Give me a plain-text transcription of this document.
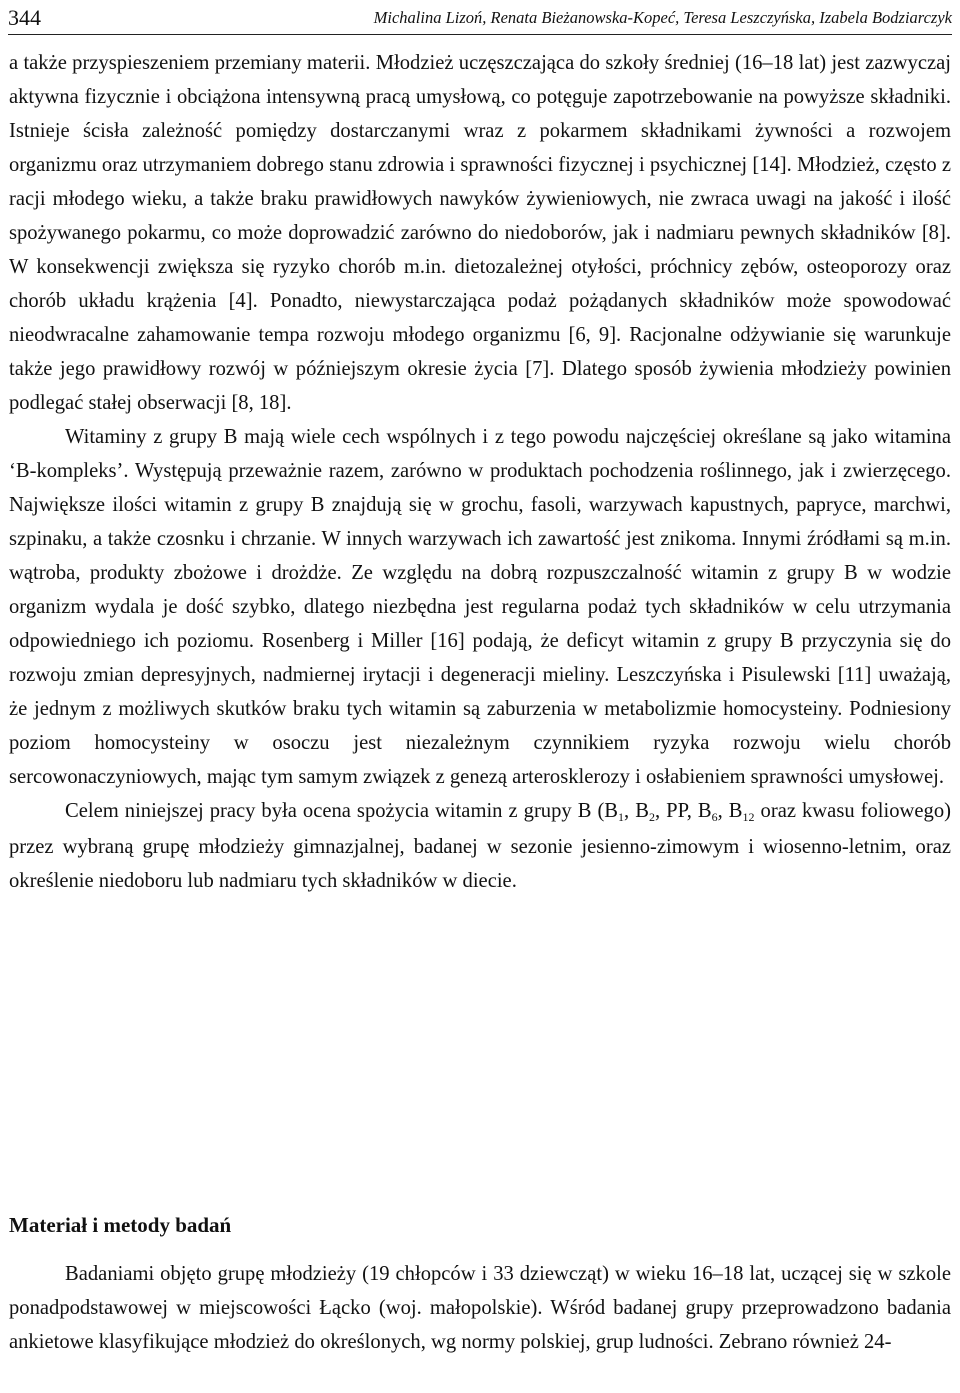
344	Michalina Lizoń, Renata Bieżanowska-Kopeć, Teresa Leszczyńska, Izabela Bodziarczyk

a także przyspieszeniem przemiany materii. Młodzież uczęszczająca do szkoły średniej (16–18 lat) jest zazwyczaj aktywna fizycznie i obciążona intensywną pracą umysłową, co potęguje zapotrzebowanie na powyższe składniki. Istnieje ścisła zależność pomiędzy dostarczanymi wraz z pokarmem składnikami żywności a rozwojem organizmu oraz utrzymaniem dobrego stanu zdrowia i sprawności fizycznej i psychicznej [14]. Młodzież, często z racji młodego wieku, a także braku prawidłowych nawyków żywieniowych, nie zwraca uwagi na jakość i ilość spożywanego pokarmu, co może doprowadzić zarówno do niedoborów, jak i nadmiaru pewnych składników [8]. W konsekwencji zwiększa się ryzyko chorób m.in. dietozależnej otyłości, próchnicy zębów, osteoporozy oraz chorób układu krążenia [4]. Ponadto, niewystarczająca podaż pożądanych składników może spowodować nieodwracalne zahamowanie tempa rozwoju młodego organizmu [6, 9]. Racjonalne odżywianie się warunkuje także jego prawidłowy rozwój w późniejszym okresie życia [7]. Dlatego sposób żywienia młodzieży powinien podlegać stałej obserwacji [8, 18].

Witaminy z grupy B mają wiele cech wspólnych i z tego powodu najczęściej określane są jako witamina ‘B-kompleks’. Występują przeważnie razem, zarówno w produktach pochodzenia roślinnego, jak i zwierzęcego. Największe ilości witamin z grupy B znajdują się w grochu, fasoli, warzywach kapustnych, papryce, marchwi, szpinaku, a także czosnku i chrzanie. W innych warzywach ich zawartość jest znikoma. Innymi źródłami są m.in. wątroba, produkty zbożowe i drożdże. Ze względu na dobrą rozpuszczalność witamin z grupy B w wodzie organizm wydala je dość szybko, dlatego niezbędna jest regularna podaż tych składników w celu utrzymania odpowiedniego ich poziomu. Rosenberg i Miller [16] podają, że deficyt witamin z grupy B przyczynia się do rozwoju zmian depresyjnych, nadmiernej irytacji i degeneracji mieliny. Leszczyńska i Pisulewski [11] uważają, że jednym z możliwych skutków braku tych witamin są zaburzenia w metabolizmie homocysteiny. Podniesiony poziom homocysteiny w osoczu jest niezależnym czynnikiem ryzyka rozwoju wielu chorób sercowonaczyniowych, mając tym samym związek z genezą arterosklerozy i osłabieniem sprawności umysłowej.

Celem niniejszej pracy była ocena spożycia witamin z grupy B ($B_1$, $B_2$, PP, $B_6$, $B_{12}$ oraz kwasu foliowego) przez wybraną grupę młodzieży gimnazjalnej, badanej w sezonie jesienno-zimowym i wiosenno-letnim, oraz określenie niedoboru lub nadmiaru tych składników w diecie.

Materiał i metody badań

Badaniami objęto grupę młodzieży (19 chłopców i 33 dziewcząt) w wieku 16–18 lat, uczącej się w szkole ponadpodstawowej w miejscowości Łącko (woj. małopolskie). Wśród badanej grupy przeprowadzono badania ankietowe klasyfikujące młodzież do określonych, wg normy polskiej, grup ludności. Zebrano również 24-
